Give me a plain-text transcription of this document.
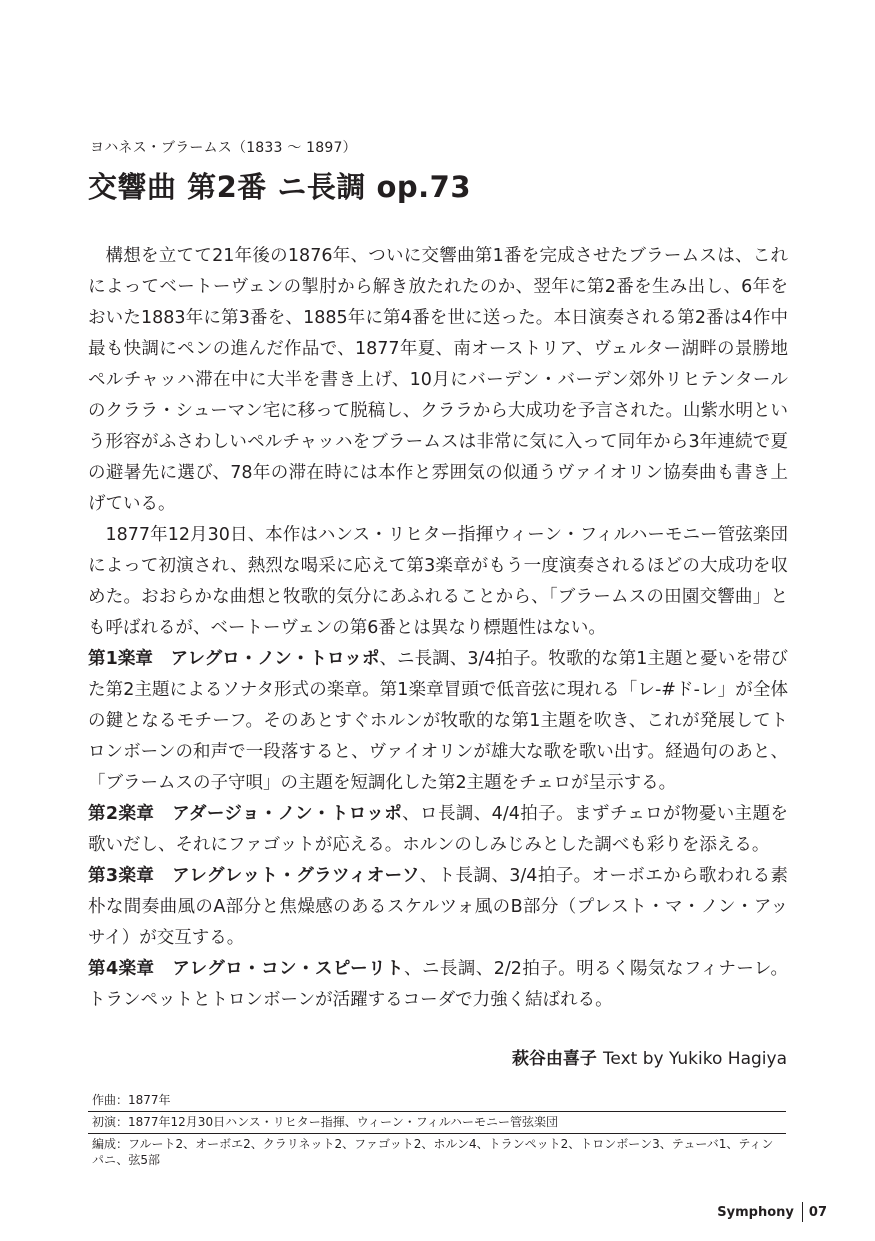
ヨハネス・ブラームス（1833 ～ 1897）
交響曲 第2番 ニ長調 op.73

構想を立てて21年後の1876年、ついに交響曲第1番を完成させたブラームスは、これによってベートーヴェンの掣肘から解き放たれたのか、翌年に第2番を生み出し、6年をおいた1883年に第3番を、1885年に第4番を世に送った。本日演奏される第2番は4作中最も快調にペンの進んだ作品で、1877年夏、南オーストリア、ヴェルター湖畔の景勝地ペルチャッハ滞在中に大半を書き上げ、10月にバーデン・バーデン郊外リヒテンタールのクララ・シューマン宅に移って脱稿し、クララから大成功を予言された。山紫水明という形容がふさわしいペルチャッハをブラームスは非常に気に入って同年から3年連続で夏の避暑先に選び、78年の滞在時には本作と雰囲気の似通うヴァイオリン協奏曲も書き上げている。

1877年12月30日、本作はハンス・リヒター指揮ウィーン・フィルハーモニー管弦楽団によって初演され、熱烈な喝采に応えて第3楽章がもう一度演奏されるほどの大成功を収めた。おおらかな曲想と牧歌的気分にあふれることから、「ブラームスの田園交響曲」とも呼ばれるが、ベートーヴェンの第6番とは異なり標題性はない。

第1楽章　アレグロ・ノン・トロッポ、ニ長調、3/4拍子。牧歌的な第1主題と憂いを帯びた第2主題によるソナタ形式の楽章。第1楽章冒頭で低音弦に現れる「レ-#ド-レ」が全体の鍵となるモチーフ。そのあとすぐホルンが牧歌的な第1主題を吹き、これが発展してトロンボーンの和声で一段落すると、ヴァイオリンが雄大な歌を歌い出す。経過句のあと、「ブラームスの子守唄」の主題を短調化した第2主題をチェロが呈示する。

第2楽章　アダージョ・ノン・トロッポ、ロ長調、4/4拍子。まずチェロが物憂い主題を歌いだし、それにファゴットが応える。ホルンのしみじみとした調べも彩りを添える。

第3楽章　アレグレット・グラツィオーソ、ト長調、3/4拍子。オーボエから歌われる素朴な間奏曲風のA部分と焦燥感のあるスケルツォ風のB部分（プレスト・マ・ノン・アッサイ）が交互する。

第4楽章　アレグロ・コン・スピーリト、ニ長調、2/2拍子。明るく陽気なフィナーレ。トランペットとトロンボーンが活躍するコーダで力強く結ばれる。

萩谷由喜子 Text by Yukiko Hagiya
作曲：1877年
初演：1877年12月30日ハンス・リヒター指揮、ウィーン・フィルハーモニー管弦楽団
編成：フルート2、オーボエ2、クラリネット2、ファゴット2、ホルン4、トランペット2、トロンボーン3、テューバ1、ティンパニ、弦5部
Symphony 07
